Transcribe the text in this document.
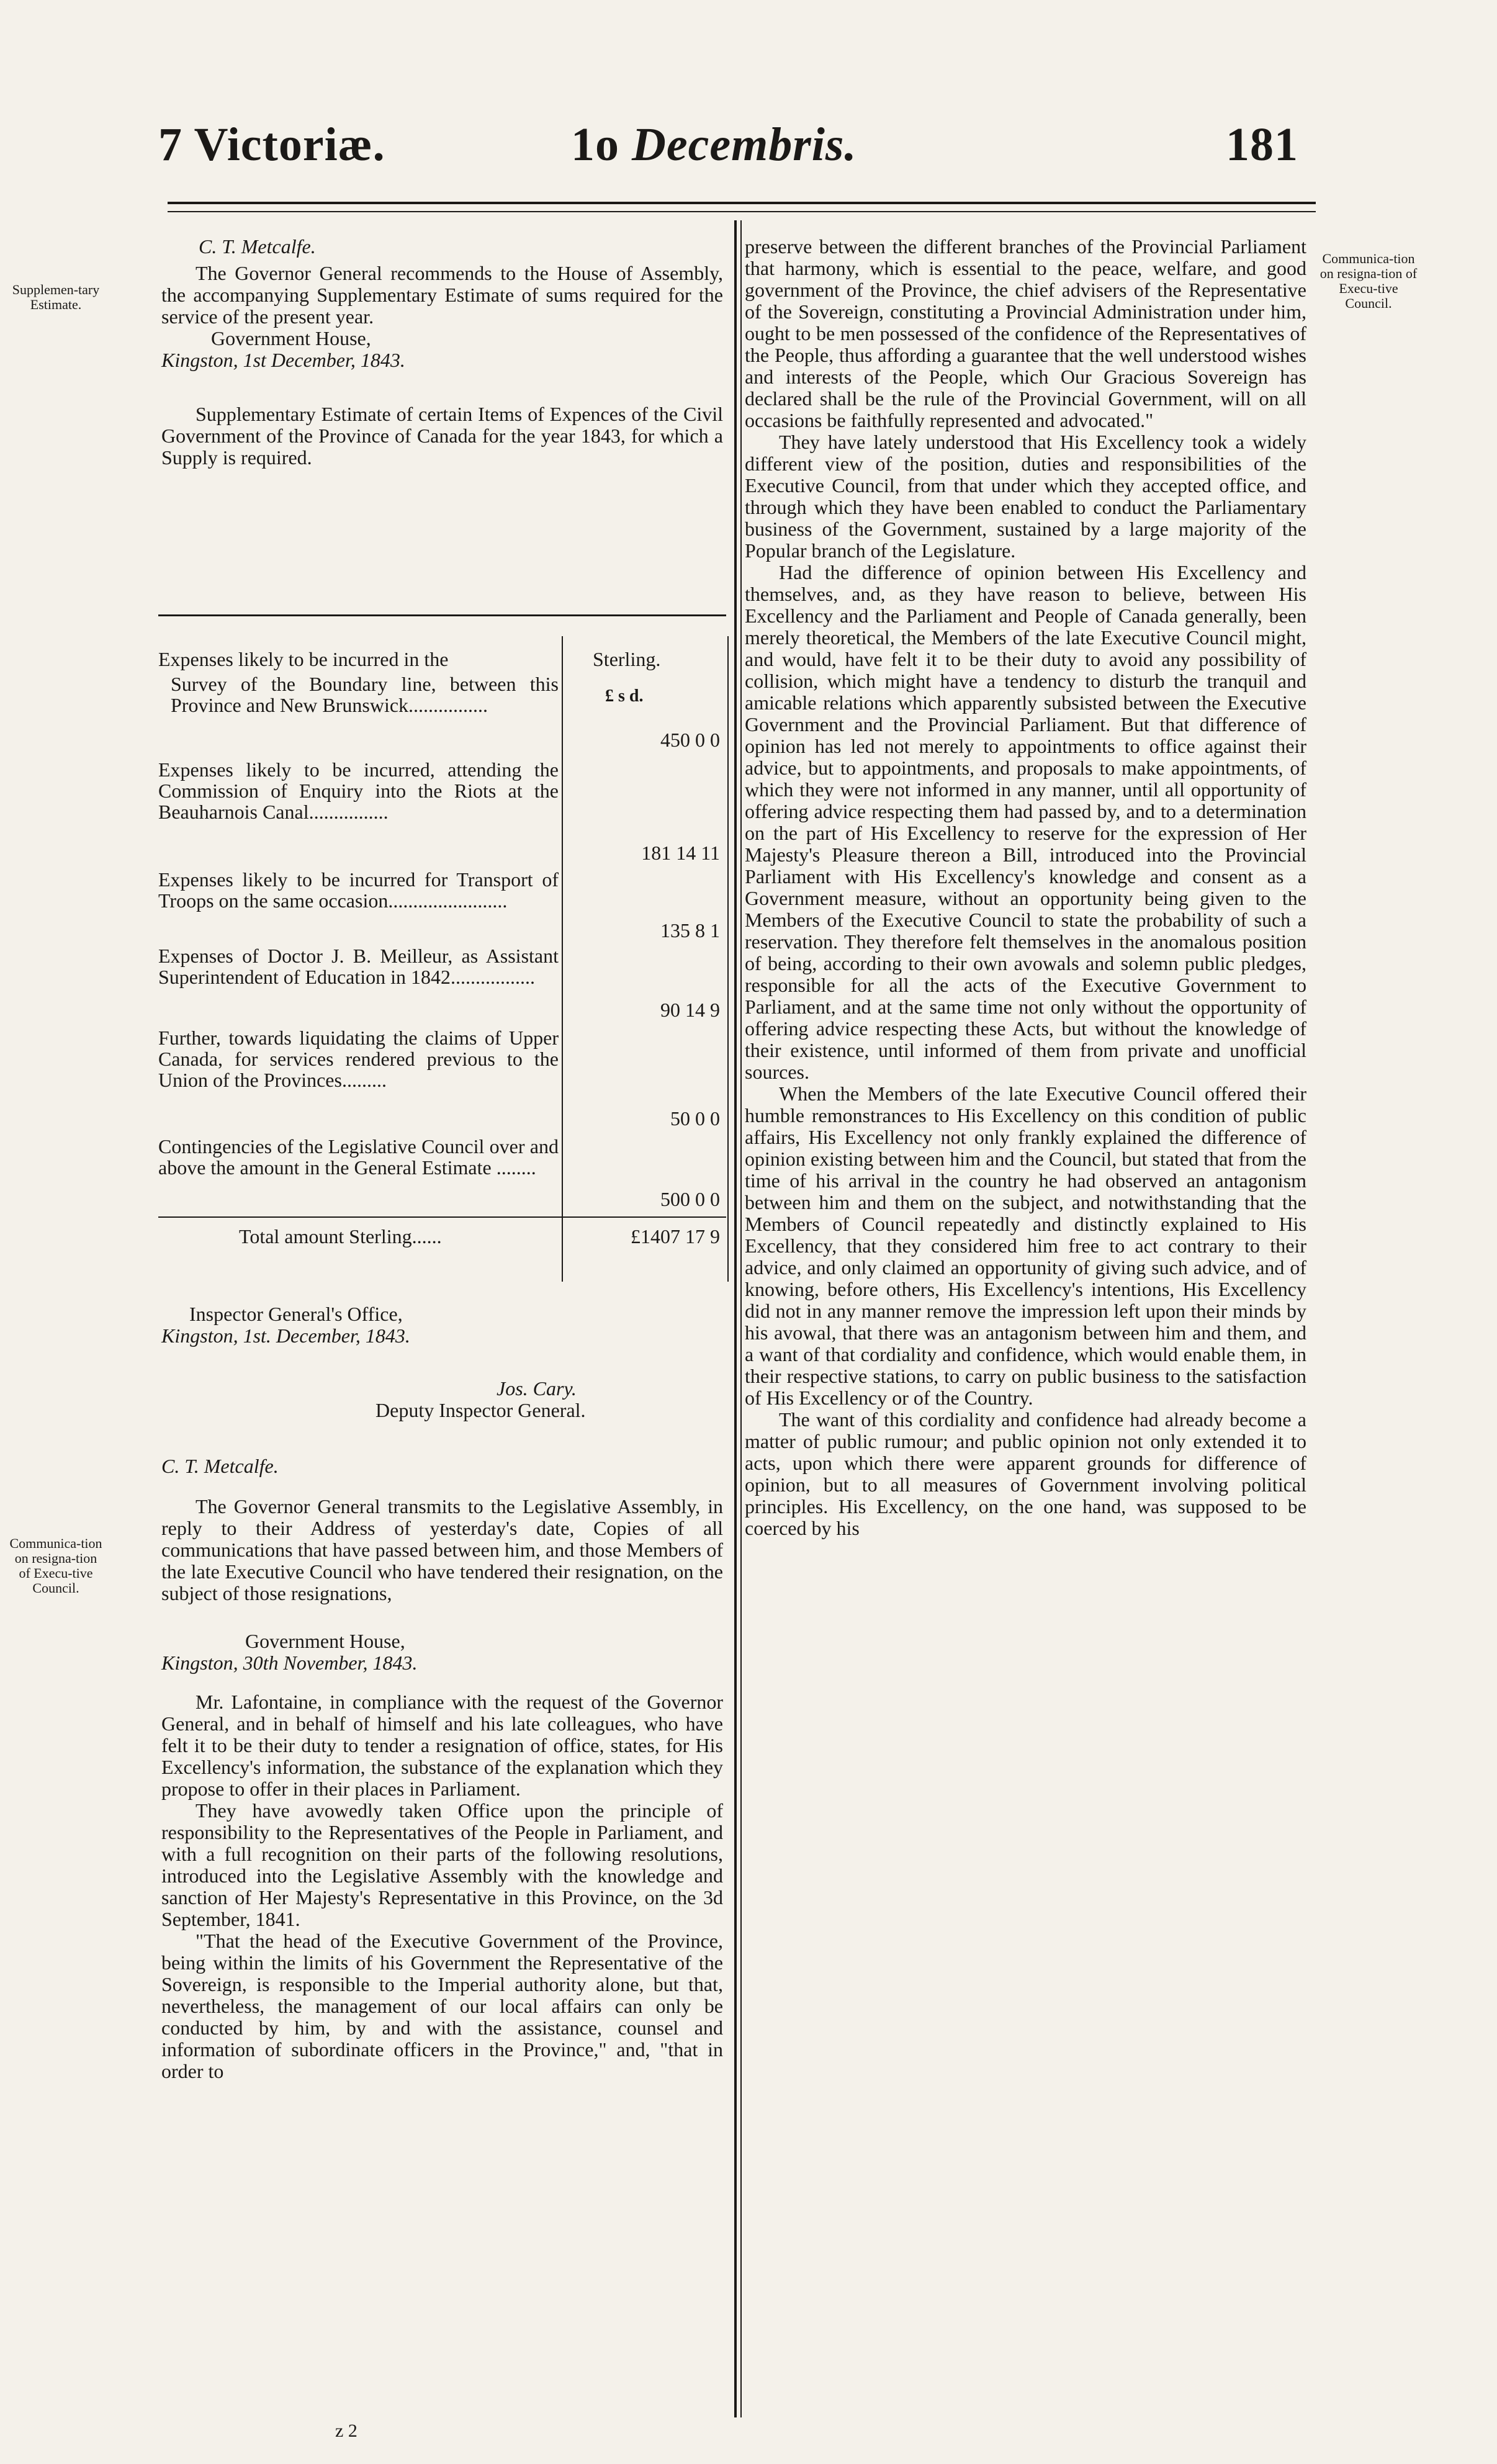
7 Victoriæ.	1o Decembris.	181
Supplemen-tary Estimate.
Communica-tion on resigna-tion of Execu-tive Council.
Communica-tion on resigna-tion of Execu-tive Council.

C. T. Metcalfe.

The Governor General recommends to the House of Assembly, the accompanying Supplementary Estimate of sums required for the service of the present year.

Government House,

Kingston, 1st December, 1843.

Supplementary Estimate of certain Items of Expences of the Civil Government of the Province of Canada for the year 1843, for which a Supply is required.

Expenses likely to be incurred in the	Sterling.
£ s d.
Survey of the Boundary line, between this Province and New Brunswick................
450 0 0
Expenses likely to be incurred, attending the Commission of Enquiry into the Riots at the Beauharnois Canal................
181 14 11
Expenses likely to be incurred for Transport of Troops on the same occasion........................
135 8 1
Expenses of Doctor J. B. Meilleur, as Assistant Superintendent of Education in 1842.................
90 14 9
Further, towards liquidating the claims of Upper Canada, for services rendered previous to the Union of the Provinces.........
50 0 0
Contingencies of the Legislative Council over and above the amount in the General Estimate ........
500 0 0
Total amount Sterling......	£1407 17 9
Inspector General's Office,
Kingston, 1st. December, 1843.
Jos. Cary.
Deputy Inspector General.
C. T. Metcalfe.

The Governor General transmits to the Legislative Assembly, in reply to their Address of yesterday's date, Copies of all communications that have passed between him, and those Members of the late Executive Council who have tendered their resignation, on the subject of those resignations,

Government House,
Kingston, 30th November, 1843.

Mr. Lafontaine, in compliance with the request of the Governor General, and in behalf of himself and his late colleagues, who have felt it to be their duty to tender a resignation of office, states, for His Excellency's information, the substance of the explanation which they propose to offer in their places in Parliament.

They have avowedly taken Office upon the principle of responsibility to the Representatives of the People in Parliament, and with a full recognition on their parts of the following resolutions, introduced into the Legislative Assembly with the knowledge and sanction of Her Majesty's Representative in this Province, on the 3d September, 1841.

"That the head of the Executive Government of the Province, being within the limits of his Government the Representative of the Sovereign, is responsible to the Imperial authority alone, but that, nevertheless, the management of our local affairs can only be conducted by him, by and with the assistance, counsel and information of subordinate officers in the Province," and, "that in order to

z 2

preserve between the different branches of the Provincial Parliament that harmony, which is essential to the peace, welfare, and good government of the Province, the chief advisers of the Representative of the Sovereign, constituting a Provincial Administration under him, ought to be men possessed of the confidence of the Representatives of the People, thus affording a guarantee that the well understood wishes and interests of the People, which Our Gracious Sovereign has declared shall be the rule of the Provincial Government, will on all occasions be faithfully represented and advocated."

They have lately understood that His Excellency took a widely different view of the position, duties and responsibilities of the Executive Council, from that under which they accepted office, and through which they have been enabled to conduct the Parliamentary business of the Government, sustained by a large majority of the Popular branch of the Legislature.

Had the difference of opinion between His Excellency and themselves, and, as they have reason to believe, between His Excellency and the Parliament and People of Canada generally, been merely theoretical, the Members of the late Executive Council might, and would, have felt it to be their duty to avoid any possibility of collision, which might have a tendency to disturb the tranquil and amicable relations which apparently subsisted between the Executive Government and the Provincial Parliament. But that difference of opinion has led not merely to appointments to office against their advice, but to appointments, and proposals to make appointments, of which they were not informed in any manner, until all opportunity of offering advice respecting them had passed by, and to a determination on the part of His Excellency to reserve for the expression of Her Majesty's Pleasure thereon a Bill, introduced into the Provincial Parliament with His Excellency's knowledge and consent as a Government measure, without an opportunity being given to the Members of the Executive Council to state the probability of such a reservation. They therefore felt themselves in the anomalous position of being, according to their own avowals and solemn public pledges, responsible for all the acts of the Executive Government to Parliament, and at the same time not only without the opportunity of offering advice respecting these Acts, but without the knowledge of their existence, until informed of them from private and unofficial sources.

When the Members of the late Executive Council offered their humble remonstrances to His Excellency on this condition of public affairs, His Excellency not only frankly explained the difference of opinion existing between him and the Council, but stated that from the time of his arrival in the country he had observed an antagonism between him and them on the subject, and notwithstanding that the Members of Council repeatedly and distinctly explained to His Excellency, that they considered him free to act contrary to their advice, and only claimed an opportunity of giving such advice, and of knowing, before others, His Excellency's intentions, His Excellency did not in any manner remove the impression left upon their minds by his avowal, that there was an antagonism between him and them, and a want of that cordiality and confidence, which would enable them, in their respective stations, to carry on public business to the satisfaction of His Excellency or of the Country.

The want of this cordiality and confidence had already become a matter of public rumour; and public opinion not only extended it to acts, upon which there were apparent grounds for difference of opinion, but to all measures of Government involving political principles. His Excellency, on the one hand, was supposed to be coerced by his
